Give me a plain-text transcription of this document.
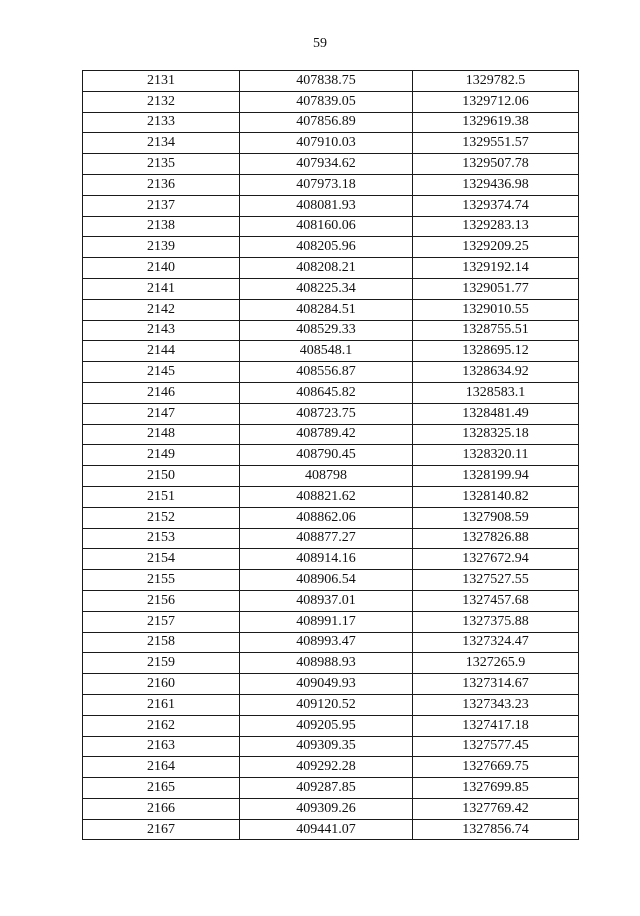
59
2131	407838.75	1329782.5
2132	407839.05	1329712.06
2133	407856.89	1329619.38
2134	407910.03	1329551.57
2135	407934.62	1329507.78
2136	407973.18	1329436.98
2137	408081.93	1329374.74
2138	408160.06	1329283.13
2139	408205.96	1329209.25
2140	408208.21	1329192.14
2141	408225.34	1329051.77
2142	408284.51	1329010.55
2143	408529.33	1328755.51
2144	408548.1	1328695.12
2145	408556.87	1328634.92
2146	408645.82	1328583.1
2147	408723.75	1328481.49
2148	408789.42	1328325.18
2149	408790.45	1328320.11
2150	408798	1328199.94
2151	408821.62	1328140.82
2152	408862.06	1327908.59
2153	408877.27	1327826.88
2154	408914.16	1327672.94
2155	408906.54	1327527.55
2156	408937.01	1327457.68
2157	408991.17	1327375.88
2158	408993.47	1327324.47
2159	408988.93	1327265.9
2160	409049.93	1327314.67
2161	409120.52	1327343.23
2162	409205.95	1327417.18
2163	409309.35	1327577.45
2164	409292.28	1327669.75
2165	409287.85	1327699.85
2166	409309.26	1327769.42
2167	409441.07	1327856.74
